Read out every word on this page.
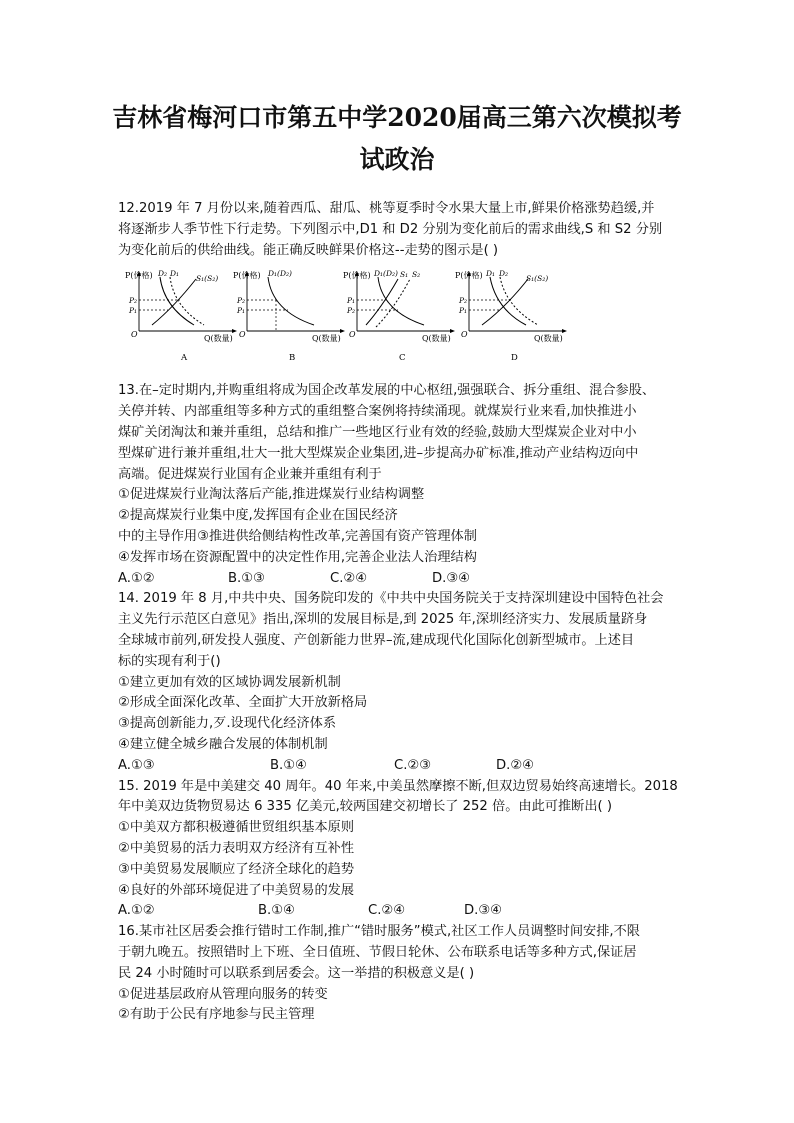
吉林省梅河口市第五中学2020届高三第六次模拟考
试政治

12.2019 年 7 月份以来,随着西瓜、甜瓜、桃等夏季时令水果大量上市,鲜果价格涨势趋缓,并

将逐渐步人季节性下行走势。下列图示中,D1 和 D2 分别为变化前后的需求曲线,S 和 S2 分别

为变化前后的供给曲线。能正确反映鲜果价格这--走势的图示是( )

P(价格)
O	Q(数量)
P₂
P₁
D₂ D₁
S₁(S₂)
A
P(价格)
O	Q(数量)
P₂
P₁
D₁(D₂)
B
P(价格)
O	Q(数量)
P₁
P₂
D₁(D₂) S₁ S₂
C
P(价格)
O	Q(数量)
P₂
P₁
D₁ D₂
S₁(S₂)
D

13.在–定时期内,并购重组将成为国企改革发展的中心枢纽,强强联合、拆分重组、混合参股、

关停并转、内部重组等多种方式的重组整合案例将持续涌现。就煤炭行业来看,加快推进小

煤矿关闭淘汰和兼并重组，总结和推广一些地区行业有效的经验,鼓励大型煤炭企业对中小

型煤矿进行兼并重组,壮大一批大型煤炭企业集团,进–步提高办矿标准,推动产业结构迈向中

高端。促进煤炭行业国有企业兼并重组有利于

①促进煤炭行业淘汰落后产能,推进煤炭行业结构调整

②提高煤炭行业集中度,发挥国有企业在国民经济

中的主导作用③推进供给侧结构性改革,完善国有资产管理体制

④发挥市场在资源配置中的决定性作用,完善企业法人治理结构

A.①②	B.①③	C.②④	D.③④

14. 2019 年 8 月,中共中央、国务院印发的《中共中央国务院关于支持深圳建设中国特色社会

主义先行示范区白意见》指出,深圳的发展目标是,到 2025 年,深圳经济实力、发展质量跻身

全球城市前列,研发投人强度、产创新能力世界–流,建成现代化国际化创新型城市。上述目

标的实现有利于()

①建立更加有效的区域协调发展新机制

②形成全面深化改革、全面扩大开放新格局

③提高创新能力,歹.设现代化经济体系

④建立健全城乡融合发展的体制机制

A.①③	B.①④	C.②③	D.②④

15. 2019 年是中美建交 40 周年。40 年来,中美虽然摩擦不断,但双边贸易始终高速增长。2018

年中美双边货物贸易达 6 335 亿美元,较两国建交初增长了 252 倍。由此可推断出( )

①中美双方都积极遵循世贸组织基本原则

②中美贸易的活力表明双方经济有互补性

③中美贸易发展顺应了经济全球化的趋势

④良好的外部环境促进了中美贸易的发展

A.①②	B.①④	C.②④	D.③④

16.某市社区居委会推行错时工作制,推广“错时服务”模式,社区工作人员调整时间安排,不限

于朝九晚五。按照错时上下班、全日值班、节假日轮休、公布联系电话等多种方式,保证居

民 24 小时随时可以联系到居委会。这一举措的积极意义是( )

①促进基层政府从管理向服务的转变

②有助于公民有序地参与民主管理
